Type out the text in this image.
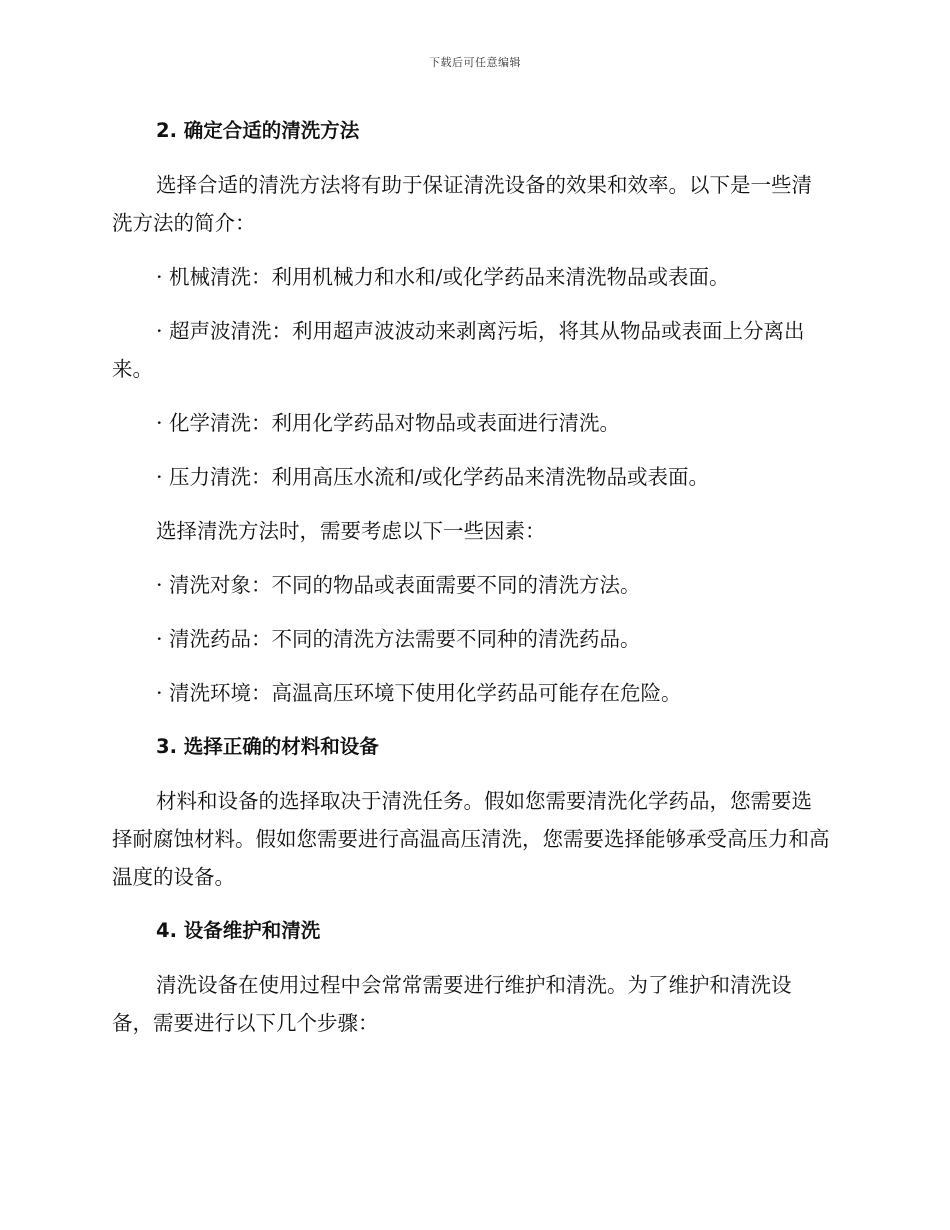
下载后可任意编辑

2. 确定合适的清洗方法

选择合适的清洗方法将有助于保证清洗设备的效果和效率。以下是一些清洗方法的简介：

· 机械清洗：利用机械力和水和/或化学药品来清洗物品或表面。

· 超声波清洗：利用超声波波动来剥离污垢，将其从物品或表面上分离出来。

· 化学清洗：利用化学药品对物品或表面进行清洗。

· 压力清洗：利用高压水流和/或化学药品来清洗物品或表面。

选择清洗方法时，需要考虑以下一些因素：

· 清洗对象：不同的物品或表面需要不同的清洗方法。

· 清洗药品：不同的清洗方法需要不同种的清洗药品。

· 清洗环境：高温高压环境下使用化学药品可能存在危险。

3. 选择正确的材料和设备

材料和设备的选择取决于清洗任务。假如您需要清洗化学药品，您需要选择耐腐蚀材料。假如您需要进行高温高压清洗，您需要选择能够承受高压力和高温度的设备。

4. 设备维护和清洗

清洗设备在使用过程中会常常需要进行维护和清洗。为了维护和清洗设备，需要进行以下几个步骤：
